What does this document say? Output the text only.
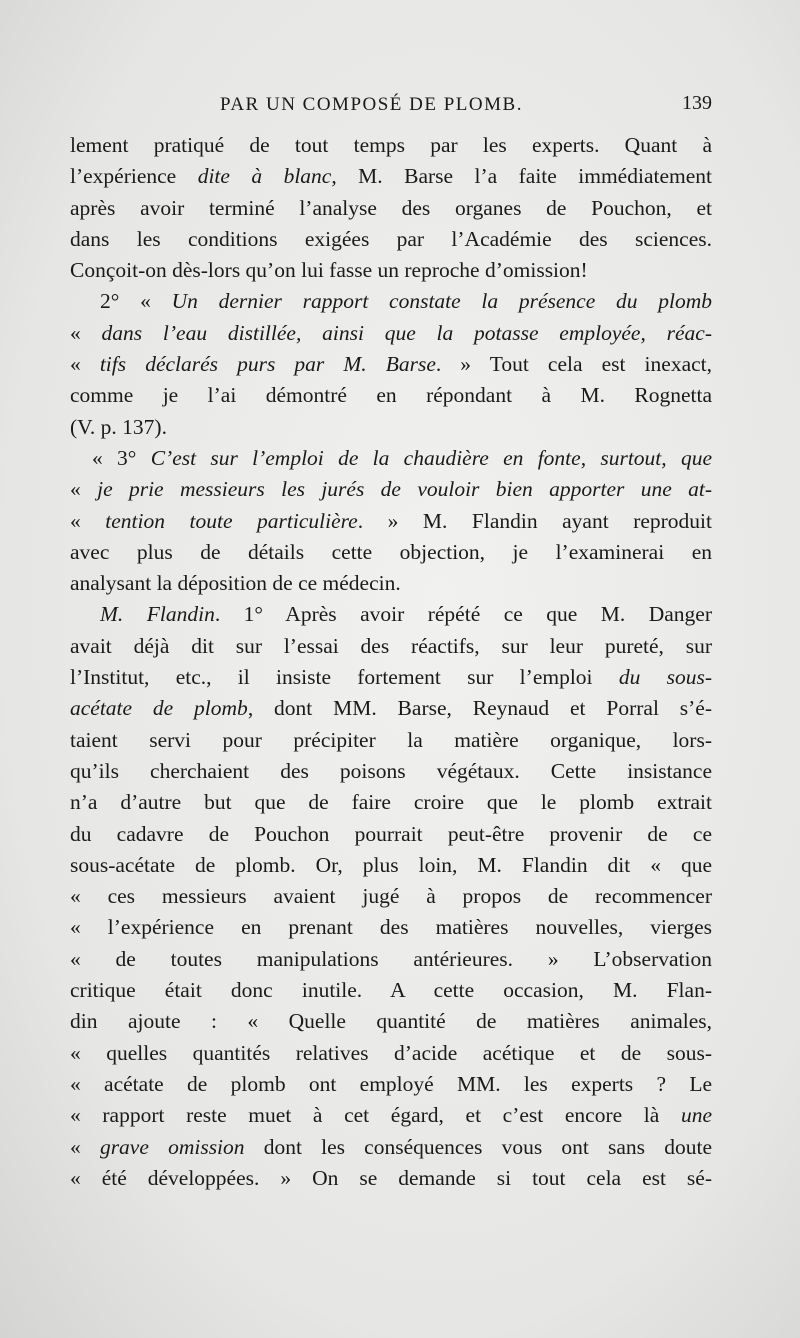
PAR UN COMPOSÉ DE PLOMB.	139
lement pratiqué de tout temps par les experts. Quant à
l’expérience dite à blanc, M. Barse l’a faite immédiatement
après avoir terminé l’analyse des organes de Pouchon, et
dans les conditions exigées par l’Académie des sciences.
Conçoit-on dès-lors qu’on lui fasse un reproche d’omission!
2° « Un dernier rapport constate la présence du plomb
« dans l’eau distillée, ainsi que la potasse employée, réac-
« tifs déclarés purs par M. Barse. » Tout cela est inexact,
comme je l’ai démontré en répondant à M. Rognetta
(V. p. 137).
« 3° C’est sur l’emploi de la chaudière en fonte, surtout, que
« je prie messieurs les jurés de vouloir bien apporter une at-
« tention toute particulière. » M. Flandin ayant reproduit
avec plus de détails cette objection, je l’examinerai en
analysant la déposition de ce médecin.
M. Flandin. 1° Après avoir répété ce que M. Danger
avait déjà dit sur l’essai des réactifs, sur leur pureté, sur
l’Institut, etc., il insiste fortement sur l’emploi du sous-
acétate de plomb, dont MM. Barse, Reynaud et Porral s’é-
taient servi pour précipiter la matière organique, lors-
qu’ils cherchaient des poisons végétaux. Cette insistance
n’a d’autre but que de faire croire que le plomb extrait
du cadavre de Pouchon pourrait peut-être provenir de ce
sous-acétate de plomb. Or, plus loin, M. Flandin dit « que
« ces messieurs avaient jugé à propos de recommencer
« l’expérience en prenant des matières nouvelles, vierges
« de toutes manipulations antérieures. » L’observation
critique était donc inutile. A cette occasion, M. Flan-
din ajoute : « Quelle quantité de matières animales,
« quelles quantités relatives d’acide acétique et de sous-
« acétate de plomb ont employé MM. les experts ? Le
« rapport reste muet à cet égard, et c’est encore là une
« grave omission dont les conséquences vous ont sans doute
« été développées. » On se demande si tout cela est sé-
